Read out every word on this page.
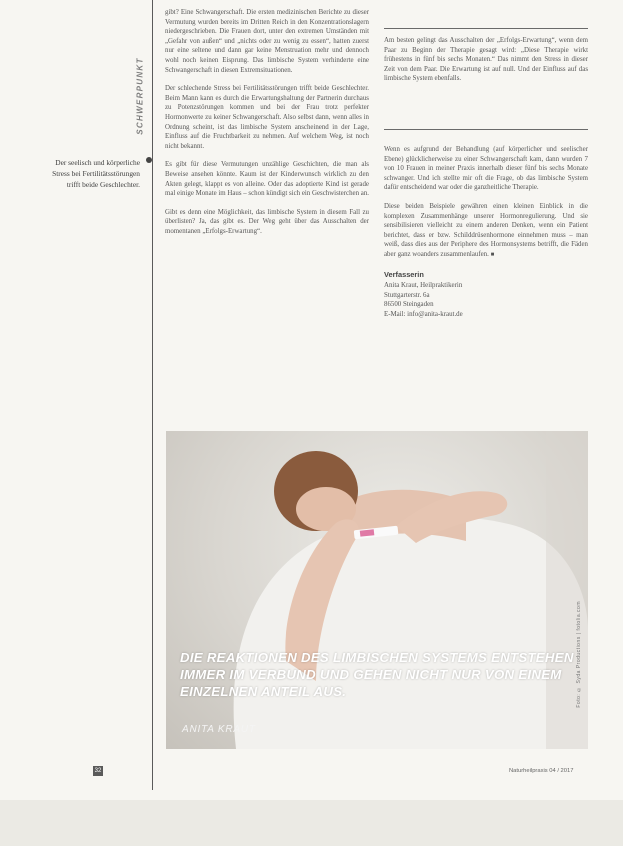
SCHWERPUNKT
Der seelisch und körperliche Stress bei Fertilitätsstörungen trifft beide Geschlechter.

gibt? Eine Schwangerschaft. Die ersten medizinischen Berichte zu dieser Vermutung wurden bereits im Dritten Reich in den Konzentrationslagern niedergeschrieben. Die Frauen dort, unter den extremen Umständen mit „Gefahr von außen“ und „nichts oder zu wenig zu essen“, hatten zuerst nur eine seltene und dann gar keine Menstruation mehr und dennoch wohl noch keinen Eisprung. Das limbische System verhinderte eine Schwangerschaft in diesen Extremsituationen.

Der schlechende Stress bei Fertilitätsstörungen trifft beide Geschlechter. Beim Mann kann es durch die Erwartungshaltung der Partnerin durchaus zu Potenzstörungen kommen und bei der Frau trotz perfekter Hormonwerte zu keiner Schwangerschaft. Also selbst dann, wenn alles in Ordnung scheint, ist das limbische System anscheinend in der Lage, Einfluss auf die Fruchtbarkeit zu nehmen. Auf welchem Weg, ist noch nicht bekannt.

Es gibt für diese Vermutungen unzählige Geschichten, die man als Beweise ansehen könnte. Kaum ist der Kinderwunsch wirklich zu den Akten gelegt, klappt es von alleine. Oder das adoptierte Kind ist gerade mal einige Monate im Haus – schon kündigt sich ein Geschwisterchen an.

Gibt es denn eine Möglichkeit, das limbische System in diesem Fall zu überlisten? Ja, das gibt es. Der Weg geht über das Ausschalten der momentanen „Erfolgs-Erwartung“.

Am besten gelingt das Ausschalten der „Erfolgs-Erwartung“, wenn dem Paar zu Beginn der Therapie gesagt wird: „Diese Therapie wirkt frühestens in fünf bis sechs Monaten.“ Das nimmt den Stress in dieser Zeit von dem Paar. Die Erwartung ist auf null. Und der Einfluss auf das limbische System ebenfalls.

Wenn es aufgrund der Behandlung (auf körperlicher und seelischer Ebene) glücklicherweise zu einer Schwangerschaft kam, dann wurden 7 von 10 Frauen in meiner Praxis innerhalb dieser fünf bis sechs Monate schwanger. Und ich stellte mir oft die Frage, ob das limbische System dafür entscheidend war oder die ganzheitliche Therapie.

Diese beiden Beispiele gewähren einen kleinen Einblick in die komplexen Zusammenhänge unserer Hormonregulierung. Und sie sensibilisieren vielleicht zu einem anderen Denken, wenn ein Patient berichtet, dass er bzw. Schilddrüsenhormone einnehmen muss – man weiß, dass dies aus der Periphere des Hormonsystems betrifft, die Fäden aber ganz woanders zusammenlaufen. ■

Verfasserin
Anita Kraut, Heilpraktikerin
Stuttgarterstr. 6a
86500 Steingaden
E-Mail: info@anita-kraut.de
DIE REAKTIONEN DES LIMBISCHEN SYSTEMS ENTSTEHEN IMMER IM VERBUND UND GEHEN NICHT NUR VON EINEM EINZELNEN ANTEIL AUS.
ANITA KRAUT
Foto: © Syda Productions | fotolia.com
32	Naturheilpraxis 04 / 2017
